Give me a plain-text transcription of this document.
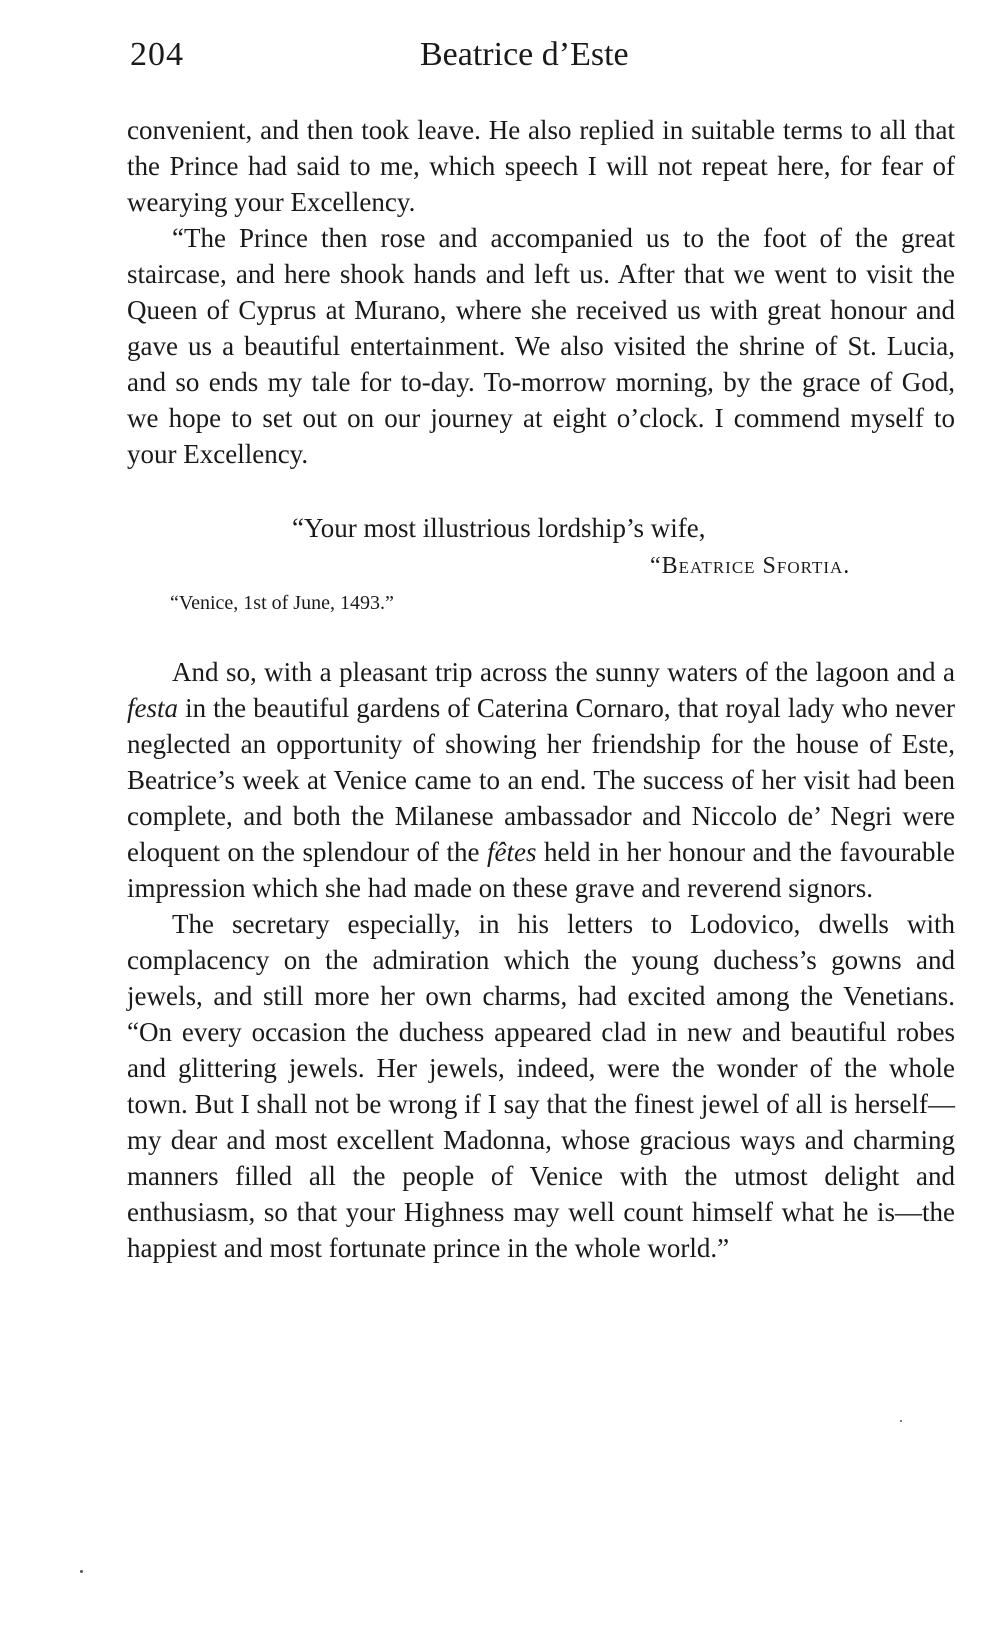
204	Beatrice d’Este

convenient, and then took leave. He also replied in suitable terms to all that the Prince had said to me, which speech I will not repeat here, for fear of wearying your Excellency.

“The Prince then rose and accompanied us to the foot of the great staircase, and here shook hands and left us. After that we went to visit the Queen of Cyprus at Murano, where she received us with great honour and gave us a beautiful entertainment. We also visited the shrine of St. Lucia, and so ends my tale for to-day. To-morrow morning, by the grace of God, we hope to set out on our journey at eight o’clock. I commend myself to your Excellency.

“Your most illustrious lordship’s wife,
“Beatrice Sfortia.
“Venice, 1st of June, 1493.”

And so, with a pleasant trip across the sunny waters of the lagoon and a festa in the beautiful gardens of Caterina Cornaro, that royal lady who never neglected an opportunity of showing her friendship for the house of Este, Beatrice’s week at Venice came to an end. The success of her visit had been complete, and both the Milanese ambassador and Niccolo de’ Negri were eloquent on the splendour of the fêtes held in her honour and the favourable impression which she had made on these grave and reverend signors.

The secretary especially, in his letters to Lodovico, dwells with complacency on the admiration which the young duchess’s gowns and jewels, and still more her own charms, had excited among the Venetians. “On every occasion the duchess appeared clad in new and beautiful robes and glittering jewels. Her jewels, indeed, were the wonder of the whole town. But I shall not be wrong if I say that the finest jewel of all is herself—my dear and most excellent Madonna, whose gracious ways and charming manners filled all the people of Venice with the utmost delight and enthusiasm, so that your Highness may well count himself what he is—the happiest and most fortunate prince in the whole world.”
